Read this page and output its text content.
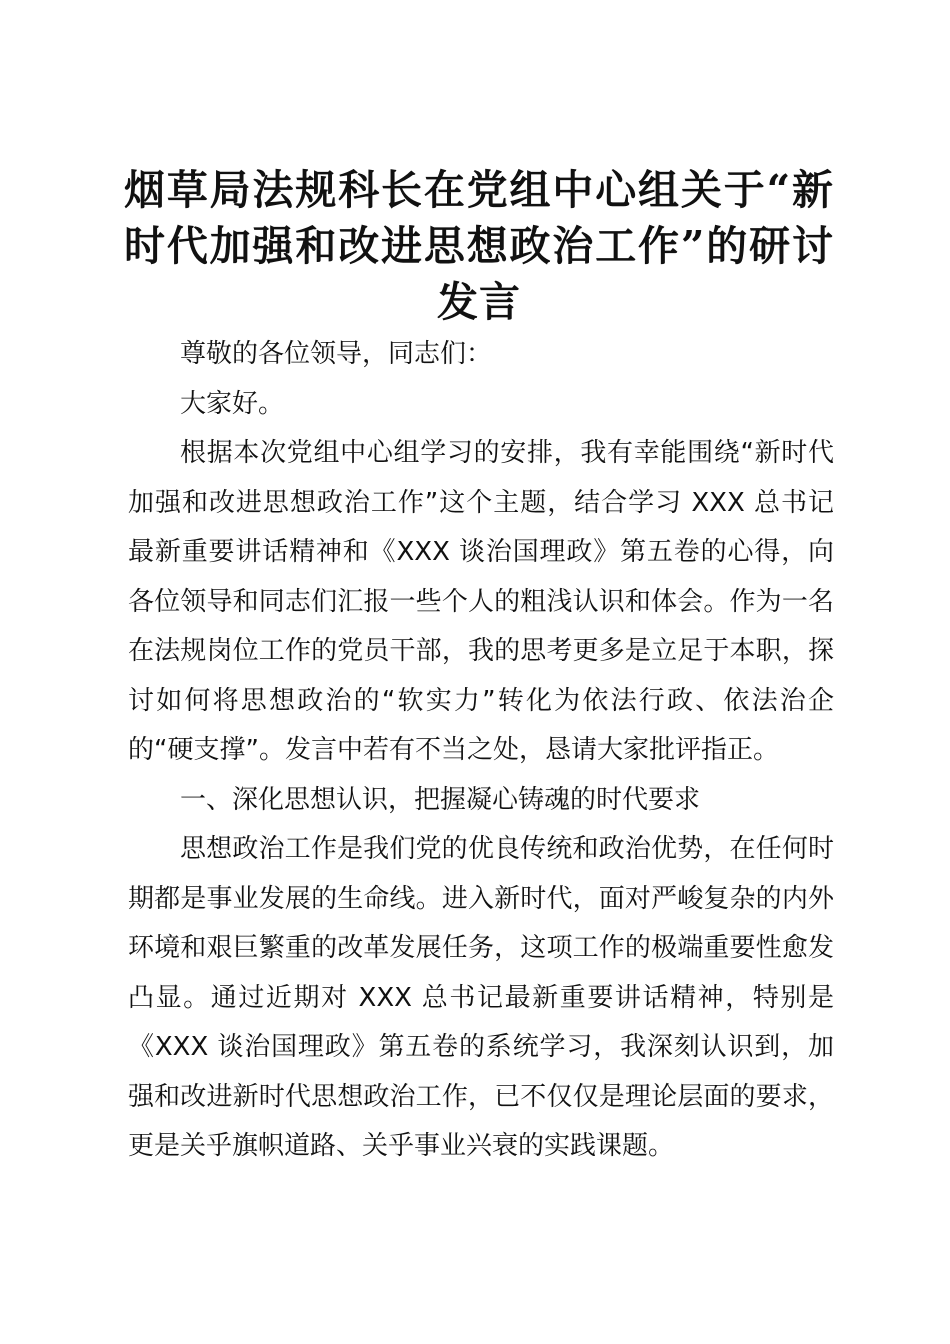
烟草局法规科长在党组中心组关于“新时代加强和改进思想政治工作”的研讨发言

尊敬的各位领导，同志们：

大家好。

根据本次党组中心组学习的安排，我有幸能围绕“新时代加强和改进思想政治工作”这个主题，结合学习 XXX 总书记最新重要讲话精神和《XXX 谈治国理政》第五卷的心得，向各位领导和同志们汇报一些个人的粗浅认识和体会。作为一名在法规岗位工作的党员干部，我的思考更多是立足于本职，探讨如何将思想政治的“软实力”转化为依法行政、依法治企的“硬支撑”。发言中若有不当之处，恳请大家批评指正。

一、深化思想认识，把握凝心铸魂的时代要求

思想政治工作是我们党的优良传统和政治优势，在任何时期都是事业发展的生命线。进入新时代，面对严峻复杂的内外环境和艰巨繁重的改革发展任务，这项工作的极端重要性愈发凸显。通过近期对 XXX 总书记最新重要讲话精神，特别是《XXX 谈治国理政》第五卷的系统学习，我深刻认识到，加强和改进新时代思想政治工作，已不仅仅是理论层面的要求，更是关乎旗帜道路、关乎事业兴衰的实践课题。
